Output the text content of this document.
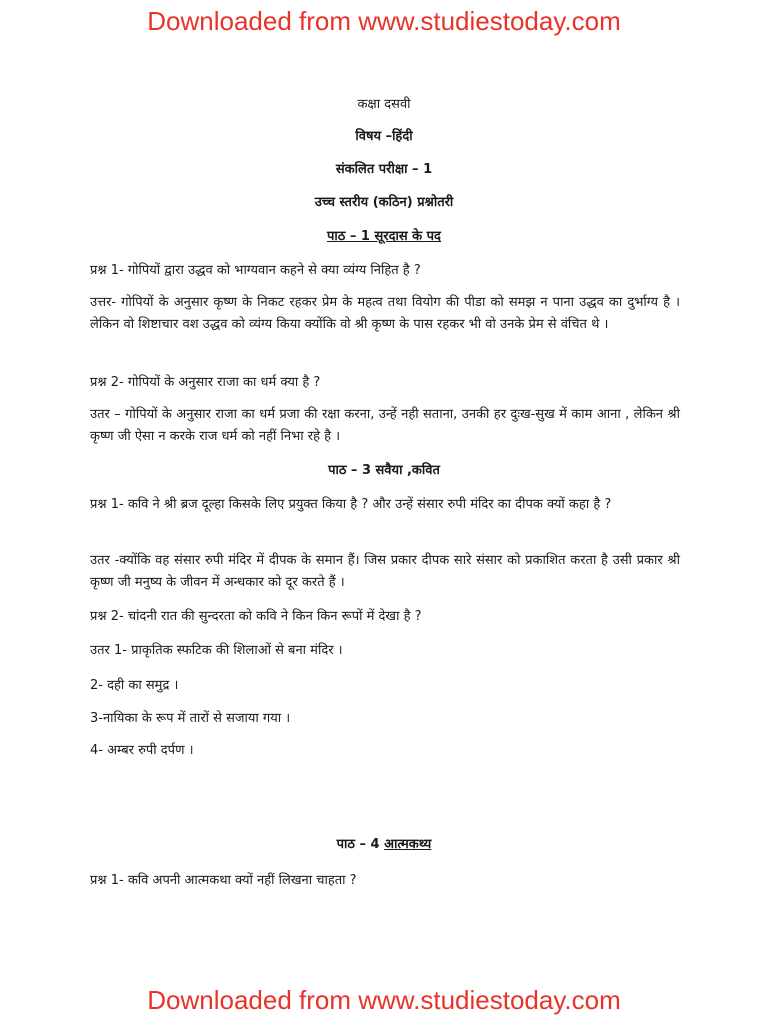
Downloaded from www.studiestoday.com
कक्षा दसवी
विषय –हिंदी
संकलित परीक्षा – 1
उच्च स्तरीय (कठिन) प्रश्नोतरी
पाठ – 1 सूरदास के पद
प्रश्न 1- गोपियों द्वारा उद्धव को भाग्यवान कहने से क्या व्यंग्य निहित है ?
उत्तर- गोपियों के अनुसार कृष्ण के निकट रहकर प्रेम के महत्व तथा वियोग की पीडा को समझ न पाना उद्धव का दुर्भाग्य है । लेकिन वो शिष्टाचार वश उद्धव को व्यंग्य किया क्योंकि वो श्री कृष्ण के पास रहकर भी वो उनके प्रेम से वंचित थे ।
प्रश्न 2- गोपियों के अनुसार राजा का धर्म क्या है ?
उतर – गोपियों के अनुसार राजा का धर्म प्रजा की रक्षा करना, उन्हें नही सताना, उनकी हर दुःख-सुख में काम आना , लेकिन श्री कृष्ण जी ऐसा न करके राज धर्म को नहीं निभा रहे है ।
पाठ – 3 सवैया ,कवित
प्रश्न 1- कवि ने श्री ब्रज दूल्हा किसके लिए प्रयुक्त किया है ? और उन्हें संसार रुपी मंदिर का दीपक क्यों कहा है ?
उतर -क्योंकि वह संसार रुपी मंदिर में दीपक के समान हैं। जिस प्रकार दीपक सारे संसार को प्रकाशित करता है उसी प्रकार श्री कृष्ण जी मनुष्य के जीवन में अन्धकार को दूर करते हैं ।
प्रश्न 2- चांदनी रात की सुन्दरता को कवि ने किन किन रूपों में देखा है ?
उतर 1- प्राकृतिक स्फटिक की शिलाओं से बना मंदिर ।
2- दही का समुद्र ।
3-नायिका के रूप में तारों से सजाया गया ।
4- अम्बर रुपी दर्पण ।
पाठ – 4 आत्मकथ्य
प्रश्न 1- कवि अपनी आत्मकथा क्यों नहीं लिखना चाहता ?
Downloaded from www.studiestoday.com
